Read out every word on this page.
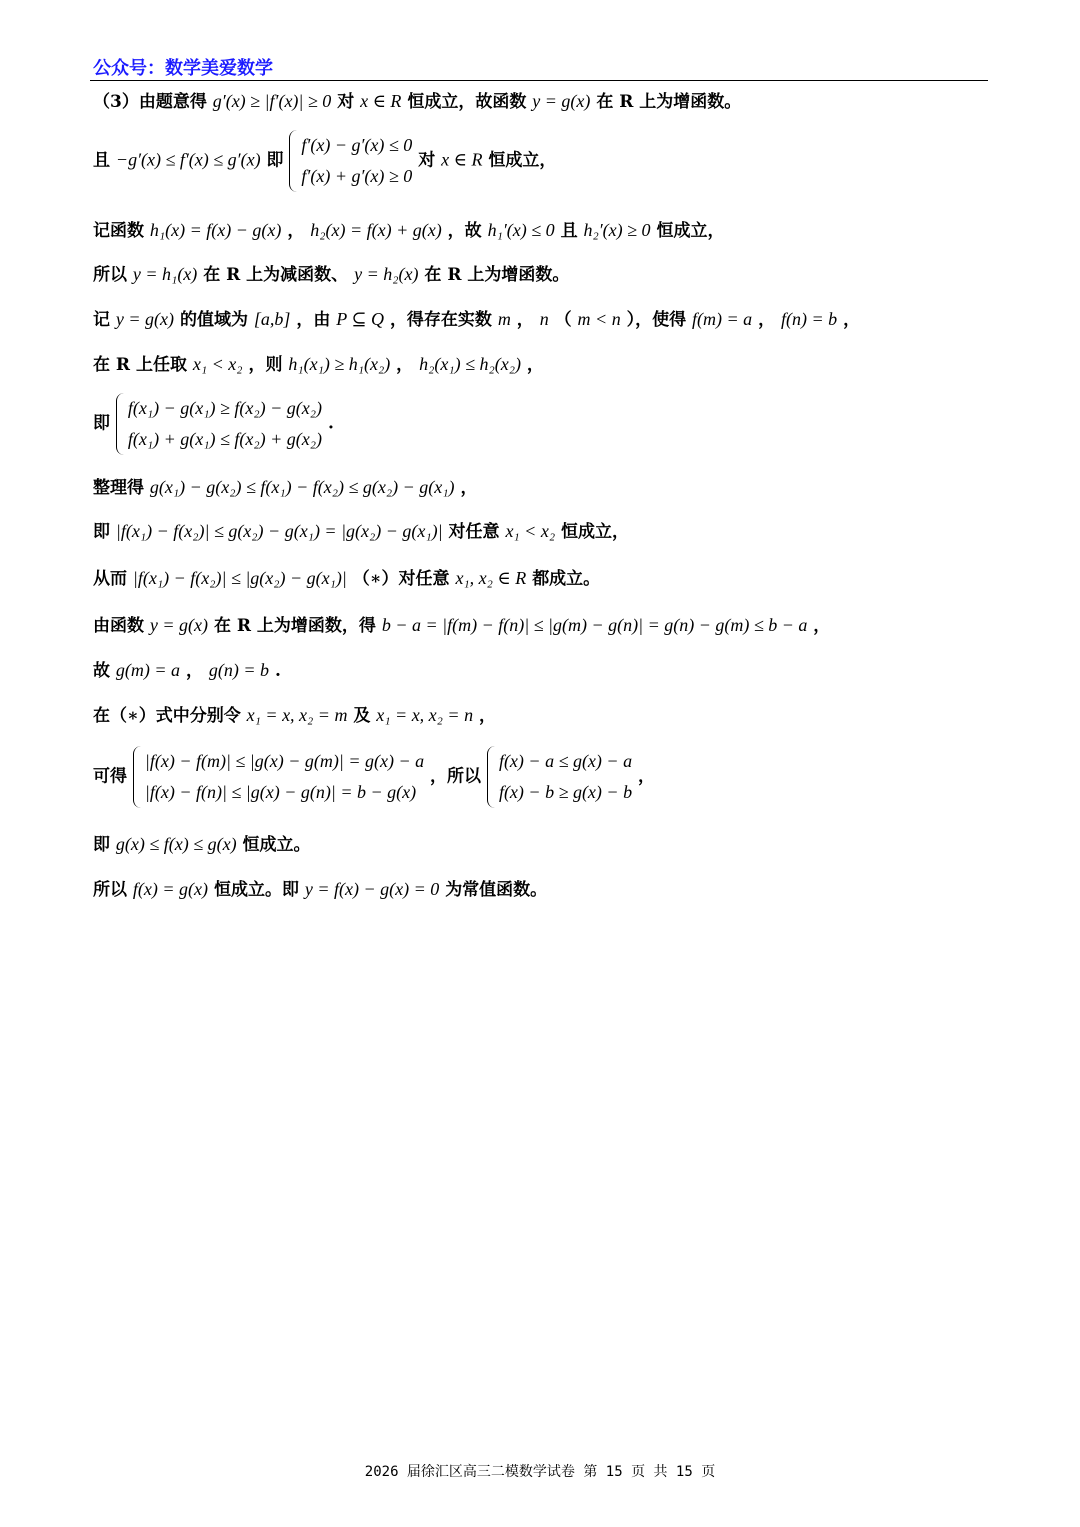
公众号：数学美爱数学
（3）由题意得 g′(x) ≥ |f′(x)| ≥ 0 对 x ∈ R 恒成立，故函数 y = g(x) 在 R 上为增函数。
且 −g′(x) ≤ f′(x) ≤ g′(x) 即
f′(x) − g′(x) ≤ 0
f′(x) + g′(x) ≥ 0
对 x ∈ R 恒成立，
记函数 h₁(x) = f(x) − g(x) ， h₂(x) = f(x) + g(x) ，故 h₁′(x) ≤ 0 且 h₂′(x) ≥ 0 恒成立，
所以 y = h₁(x) 在 R 上为减函数、 y = h₂(x) 在 R 上为增函数。
记 y = g(x) 的值域为 [a,b] ，由 P ⊆ Q ，得存在实数 m ， n （ m < n ），使得 f(m) = a ， f(n) = b ，
在 R 上任取 x₁ < x₂ ，则 h₁(x₁) ≥ h₁(x₂) ， h₂(x₁) ≤ h₂(x₂) ，
即
f(x₁) − g(x₁) ≥ f(x₂) − g(x₂)
f(x₁) + g(x₁) ≤ f(x₂) + g(x₂)
.
整理得 g(x₁) − g(x₂) ≤ f(x₁) − f(x₂) ≤ g(x₂) − g(x₁) ，
即 |f(x₁) − f(x₂)| ≤ g(x₂) − g(x₁) = |g(x₂) − g(x₁)| 对任意 x₁ < x₂ 恒成立，
从而 |f(x₁) − f(x₂)| ≤ |g(x₂) − g(x₁)| （∗）对任意 x₁, x₂ ∈ R 都成立。
由函数 y = g(x) 在 R 上为增函数，得 b − a = |f(m) − f(n)| ≤ |g(m) − g(n)| = g(n) − g(m) ≤ b − a ，
故 g(m) = a ， g(n) = b .
在（∗）式中分别令 x₁ = x, x₂ = m 及 x₁ = x, x₂ = n ，
可得
|f(x) − f(m)| ≤ |g(x) − g(m)| = g(x) − a
|f(x) − f(n)| ≤ |g(x) − g(n)| = b − g(x)
，所以
f(x) − a ≤ g(x) − a
f(x) − b ≥ g(x) − b
，
即 g(x) ≤ f(x) ≤ g(x) 恒成立。
所以 f(x) = g(x) 恒成立。即 y = f(x) − g(x) = 0 为常值函数。
2026 届徐汇区高三二模数学试卷 第 15 页 共 15 页
